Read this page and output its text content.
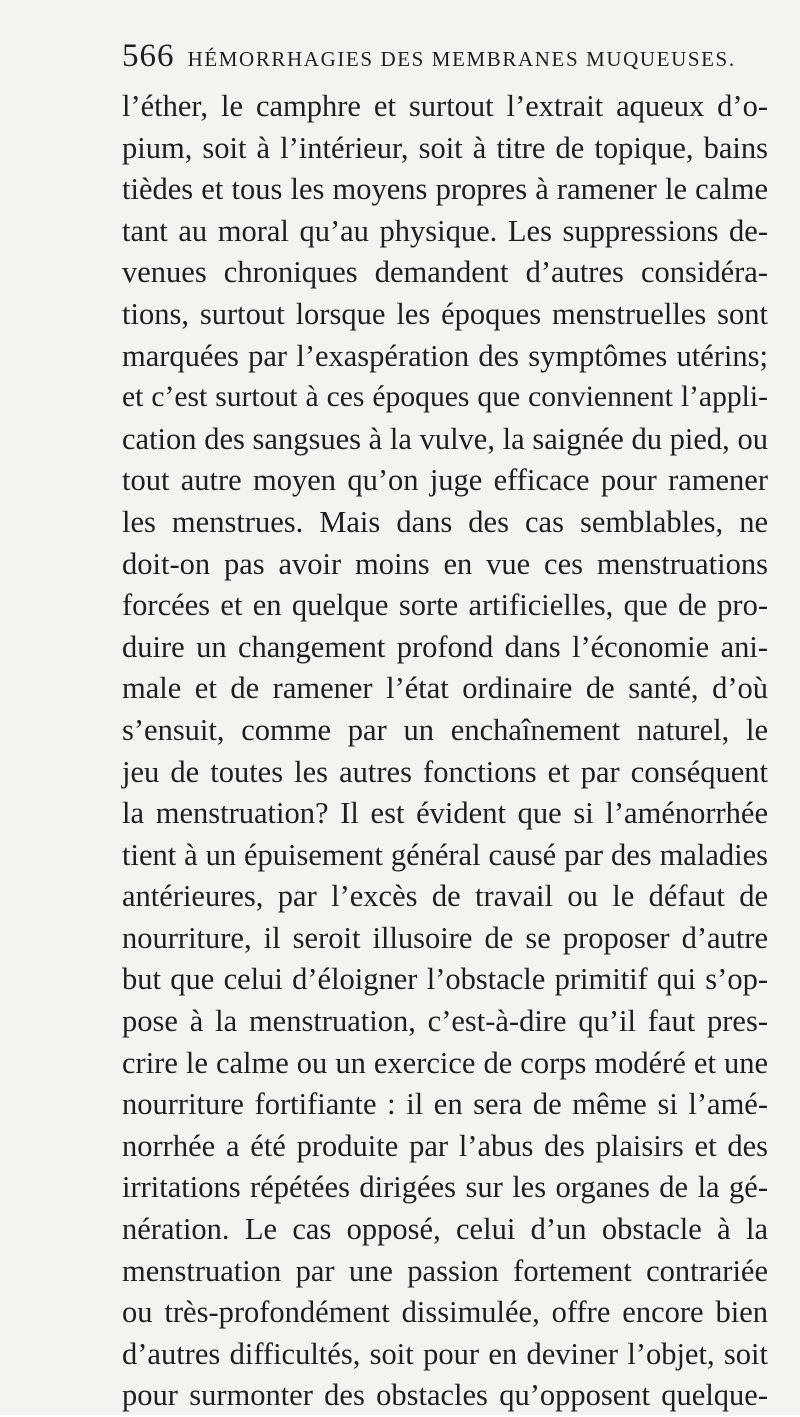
566 HÉMORRHAGIES DES MEMBRANES MUQUEUSES.
l’éther, le camphre et surtout l’extrait aqueux d’o-
pium, soit à l’intérieur, soit à titre de topique, bains
tièdes et tous les moyens propres à ramener le calme
tant au moral qu’au physique. Les suppressions de-
venues chroniques demandent d’autres considéra-
tions, surtout lorsque les époques menstruelles sont
marquées par l’exaspération des symptômes utérins;
et c’est surtout à ces époques que conviennent l’appli-
cation des sangsues à la vulve, la saignée du pied, ou
tout autre moyen qu’on juge efficace pour ramener
les menstrues. Mais dans des cas semblables, ne
doit-on pas avoir moins en vue ces menstruations
forcées et en quelque sorte artificielles, que de pro-
duire un changement profond dans l’économie ani-
male et de ramener l’état ordinaire de santé, d’où
s’ensuit, comme par un enchaînement naturel, le
jeu de toutes les autres fonctions et par conséquent
la menstruation? Il est évident que si l’aménorrhée
tient à un épuisement général causé par des maladies
antérieures, par l’excès de travail ou le défaut de
nourriture, il seroit illusoire de se proposer d’autre
but que celui d’éloigner l’obstacle primitif qui s’op-
pose à la menstruation, c’est-à-dire qu’il faut pres-
crire le calme ou un exercice de corps modéré et une
nourriture fortifiante : il en sera de même si l’amé-
norrhée a été produite par l’abus des plaisirs et des
irritations répétées dirigées sur les organes de la gé-
nération. Le cas opposé, celui d’un obstacle à la
menstruation par une passion fortement contrariée
ou très-profondément dissimulée, offre encore bien
d’autres difficultés, soit pour en deviner l’objet, soit
pour surmonter des obstacles qu’opposent quelque-
